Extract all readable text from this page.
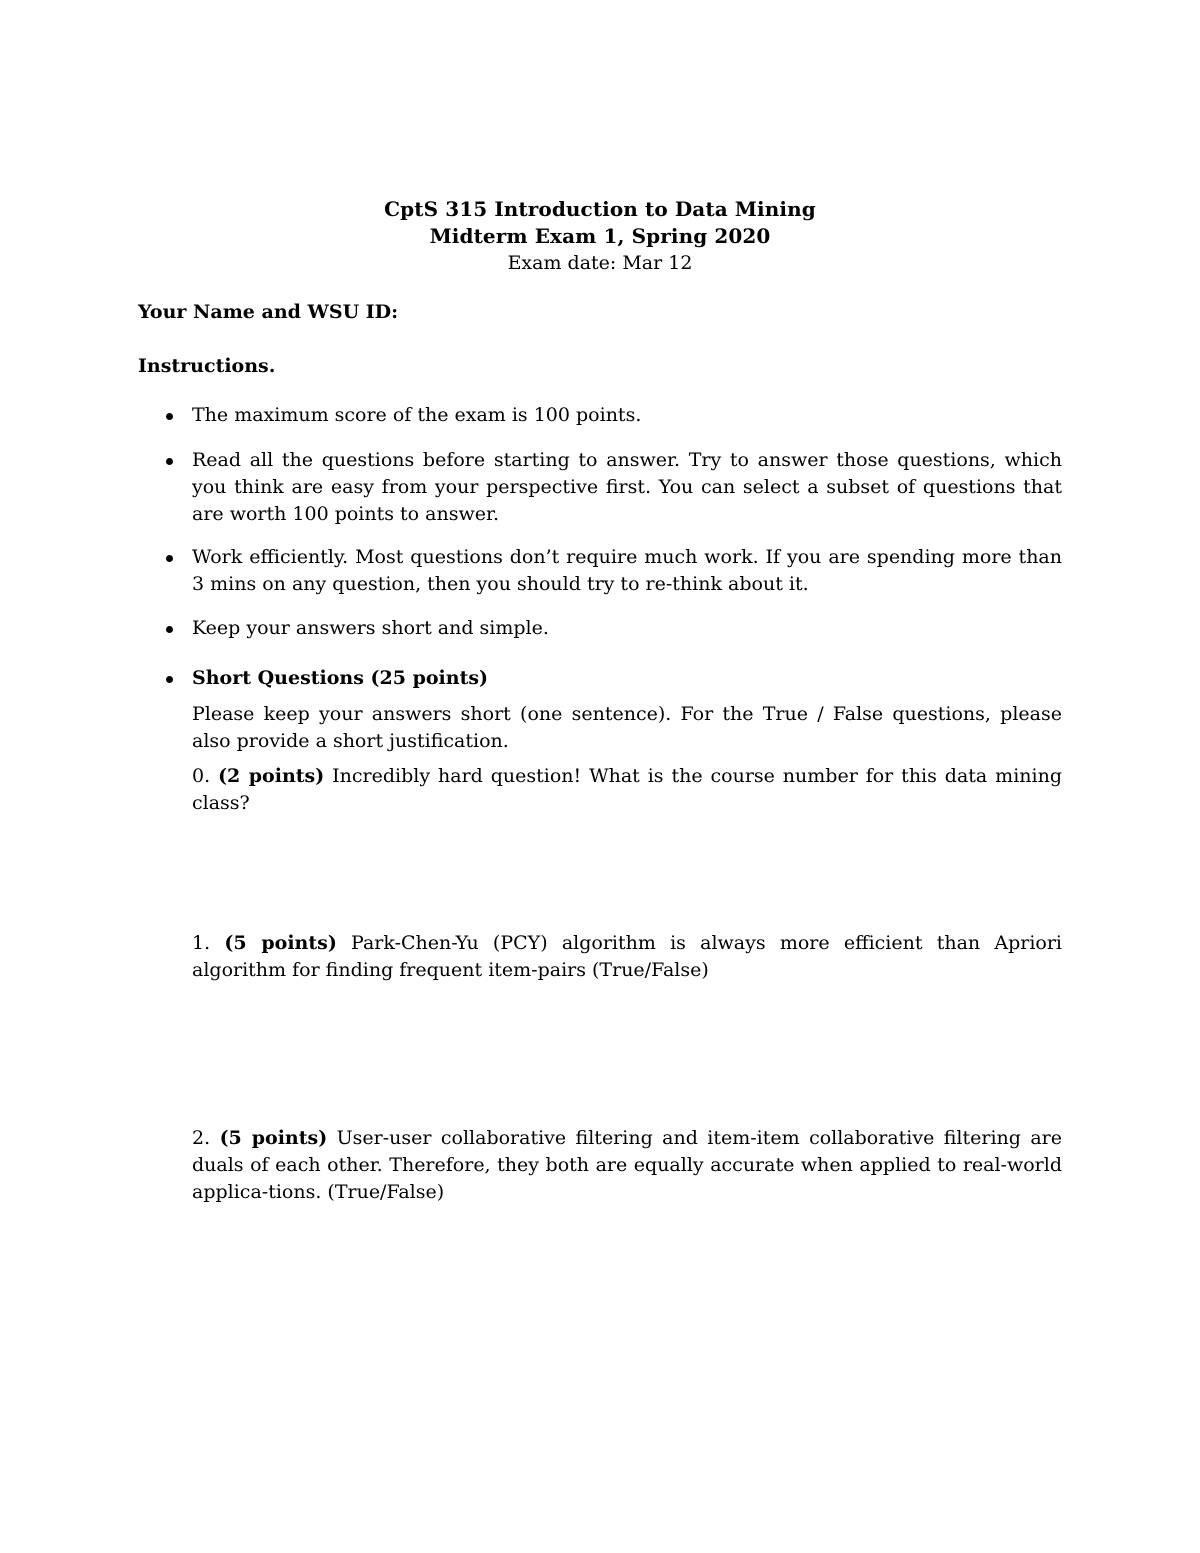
CptS 315 Introduction to Data Mining
Midterm Exam 1, Spring 2020
Exam date: Mar 12
Your Name and WSU ID:
Instructions.
The maximum score of the exam is 100 points.
Read all the questions before starting to answer. Try to answer those questions, which you think are easy from your perspective first. You can select a subset of questions that are worth 100 points to answer.
Work efficiently. Most questions don’t require much work. If you are spending more than 3 mins on any question, then you should try to re-think about it.
Keep your answers short and simple.
Short Questions (25 points)
Please keep your answers short (one sentence). For the True / False questions, please also provide a short justification.
0. (2 points) Incredibly hard question! What is the course number for this data mining class?
1. (5 points) Park-Chen-Yu (PCY) algorithm is always more efficient than Apriori algorithm for finding frequent item-pairs (True/False)
2. (5 points) User-user collaborative filtering and item-item collaborative filtering are duals of each other. Therefore, they both are equally accurate when applied to real-world applica-tions. (True/False)
